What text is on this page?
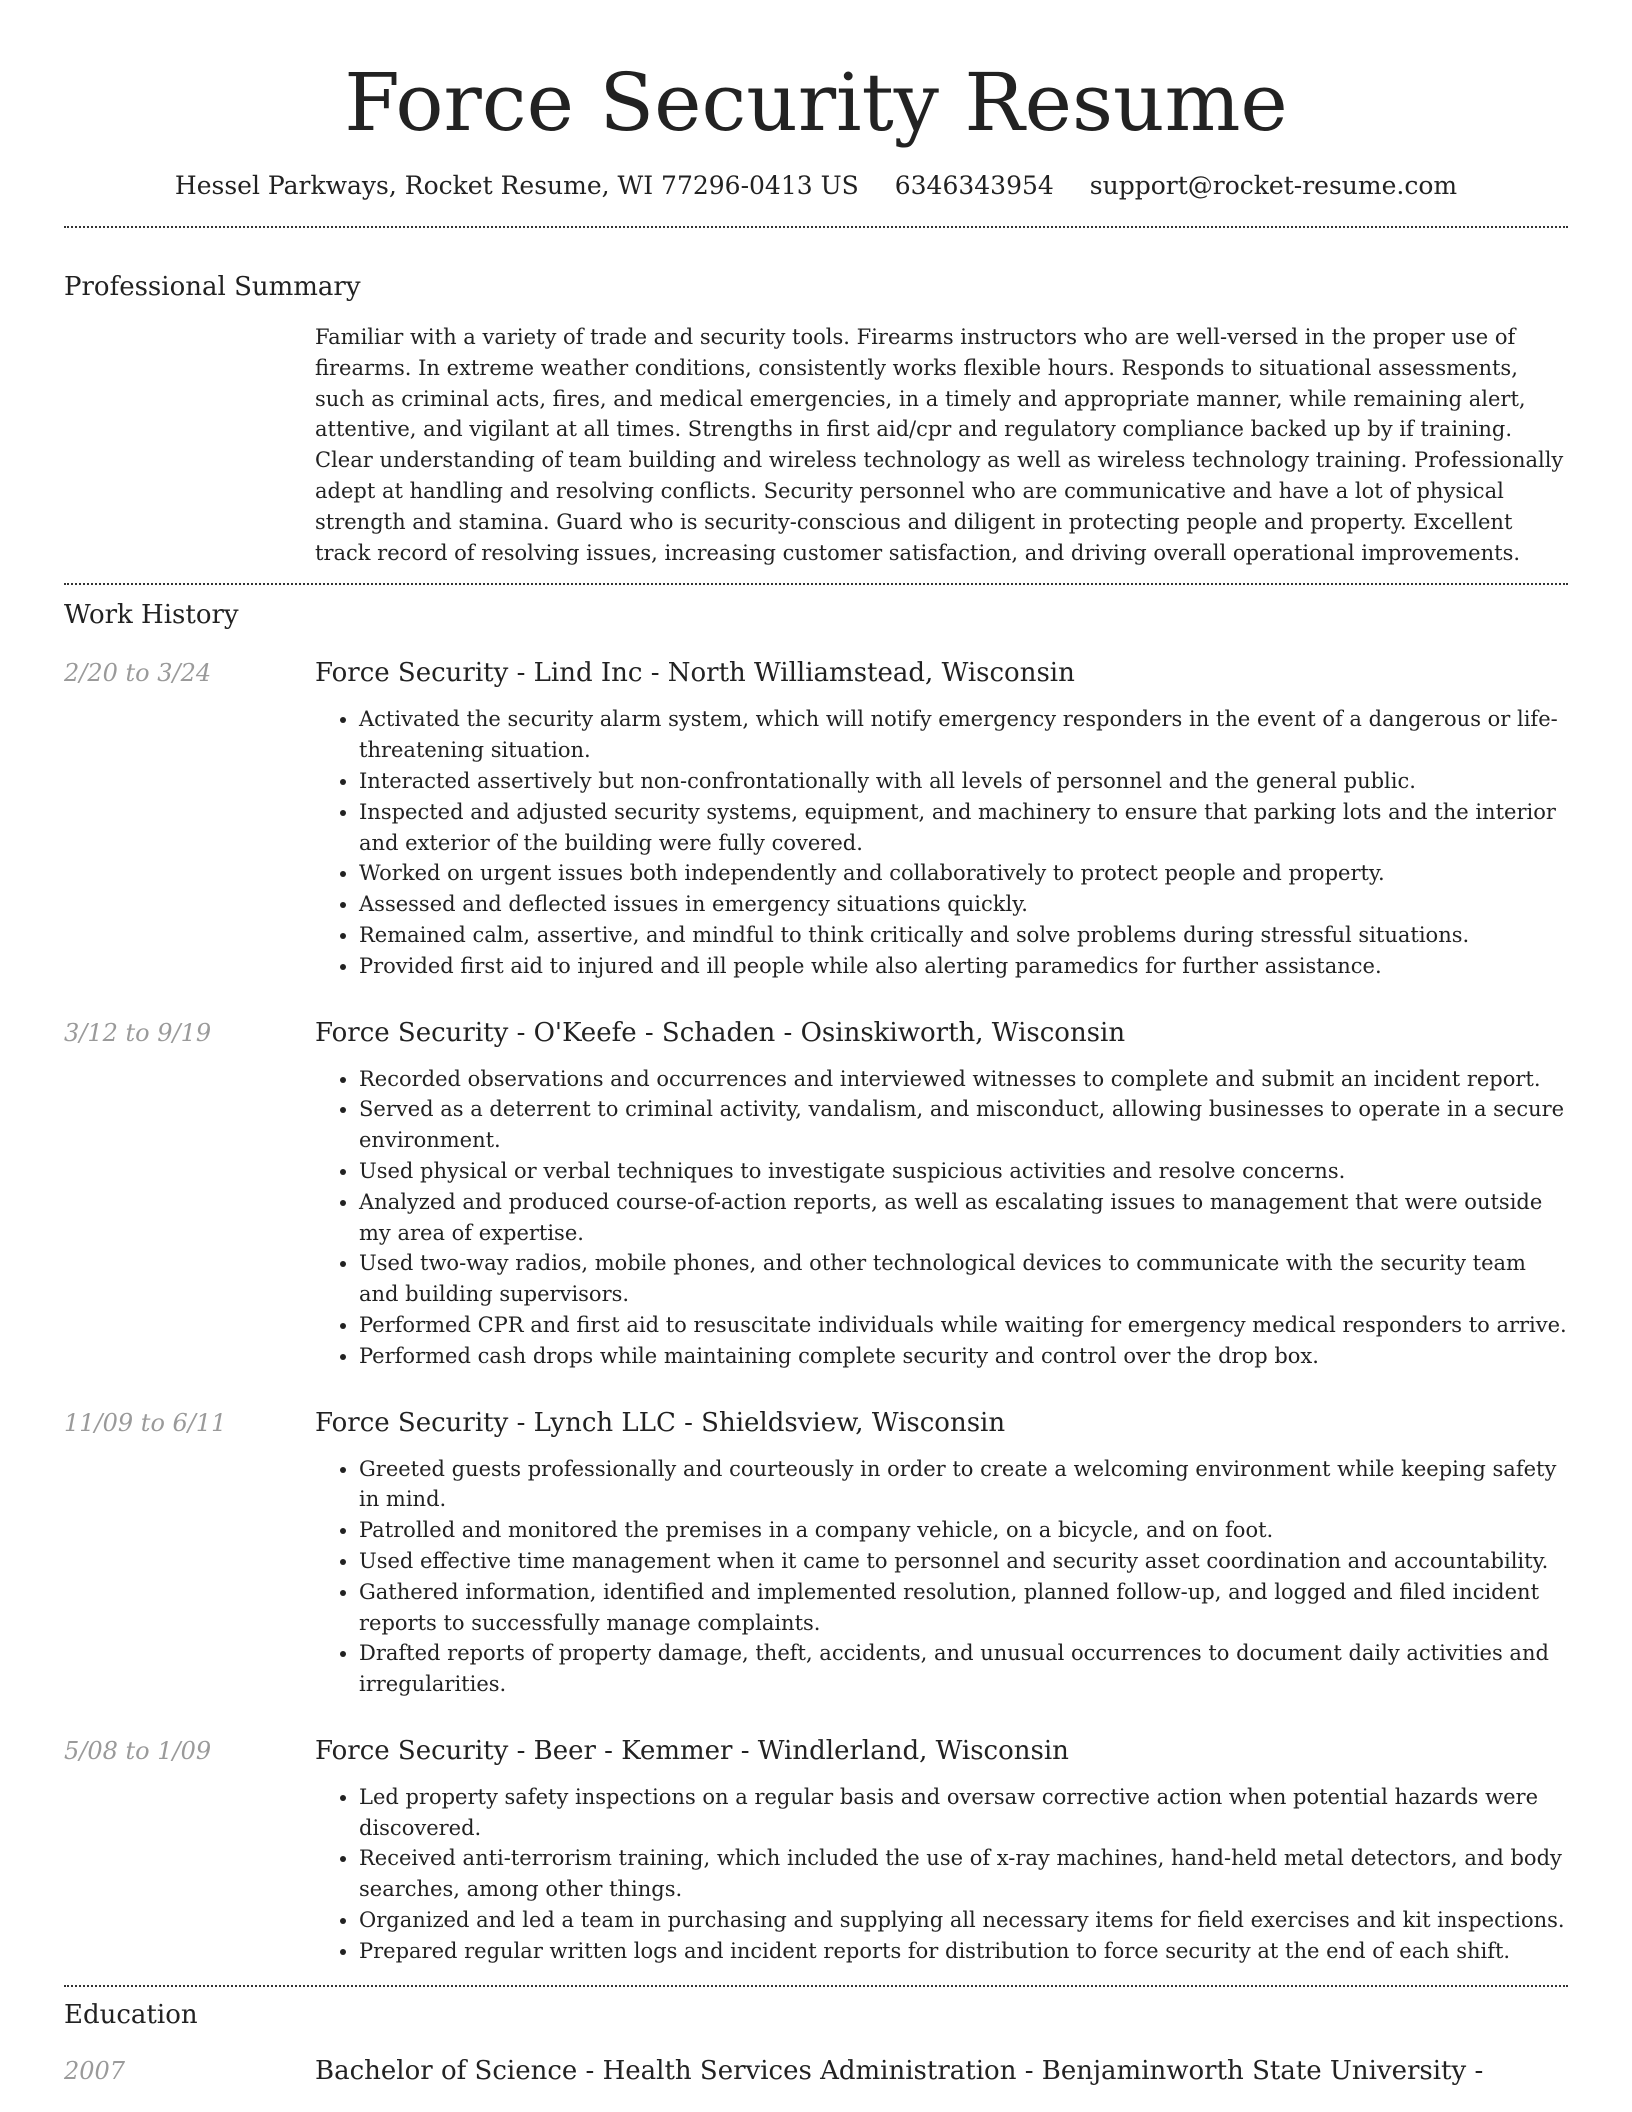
Force Security Resume
Hessel Parkways, Rocket Resume, WI 77296-0413 US 6346343954 support@rocket-resume.com
Professional Summary
Familiar with a variety of trade and security tools. Firearms instructors who are well-versed in the proper use of firearms. In extreme weather conditions, consistently works flexible hours. Responds to situational assessments, such as criminal acts, fires, and medical emergencies, in a timely and appropriate manner, while remaining alert, attentive, and vigilant at all times. Strengths in first aid/cpr and regulatory compliance backed up by if training. Clear understanding of team building and wireless technology as well as wireless technology training. Professionally adept at handling and resolving conflicts. Security personnel who are communicative and have a lot of physical strength and stamina. Guard who is security-conscious and diligent in protecting people and property. Excellent track record of resolving issues, increasing customer satisfaction, and driving overall operational improvements.
Work History
2/20 to 3/24	Force Security - Lind Inc - North Williamstead, Wisconsin
• Activated the security alarm system, which will notify emergency responders in the event of a dangerous or life-threatening situation.
• Interacted assertively but non-confrontationally with all levels of personnel and the general public.
• Inspected and adjusted security systems, equipment, and machinery to ensure that parking lots and the interior and exterior of the building were fully covered.
• Worked on urgent issues both independently and collaboratively to protect people and property.
• Assessed and deflected issues in emergency situations quickly.
• Remained calm, assertive, and mindful to think critically and solve problems during stressful situations.
• Provided first aid to injured and ill people while also alerting paramedics for further assistance.
3/12 to 9/19	Force Security - O'Keefe - Schaden - Osinskiworth, Wisconsin
• Recorded observations and occurrences and interviewed witnesses to complete and submit an incident report.
• Served as a deterrent to criminal activity, vandalism, and misconduct, allowing businesses to operate in a secure environment.
• Used physical or verbal techniques to investigate suspicious activities and resolve concerns.
• Analyzed and produced course-of-action reports, as well as escalating issues to management that were outside my area of expertise.
• Used two-way radios, mobile phones, and other technological devices to communicate with the security team and building supervisors.
• Performed CPR and first aid to resuscitate individuals while waiting for emergency medical responders to arrive.
• Performed cash drops while maintaining complete security and control over the drop box.
11/09 to 6/11	Force Security - Lynch LLC - Shieldsview, Wisconsin
• Greeted guests professionally and courteously in order to create a welcoming environment while keeping safety in mind.
• Patrolled and monitored the premises in a company vehicle, on a bicycle, and on foot.
• Used effective time management when it came to personnel and security asset coordination and accountability.
• Gathered information, identified and implemented resolution, planned follow-up, and logged and filed incident reports to successfully manage complaints.
• Drafted reports of property damage, theft, accidents, and unusual occurrences to document daily activities and irregularities.
5/08 to 1/09	Force Security - Beer - Kemmer - Windlerland, Wisconsin
• Led property safety inspections on a regular basis and oversaw corrective action when potential hazards were discovered.
• Received anti-terrorism training, which included the use of x-ray machines, hand-held metal detectors, and body searches, among other things.
• Organized and led a team in purchasing and supplying all necessary items for field exercises and kit inspections.
• Prepared regular written logs and incident reports for distribution to force security at the end of each shift.
Education
2007	Bachelor of Science - Health Services Administration - Benjaminworth State University -
